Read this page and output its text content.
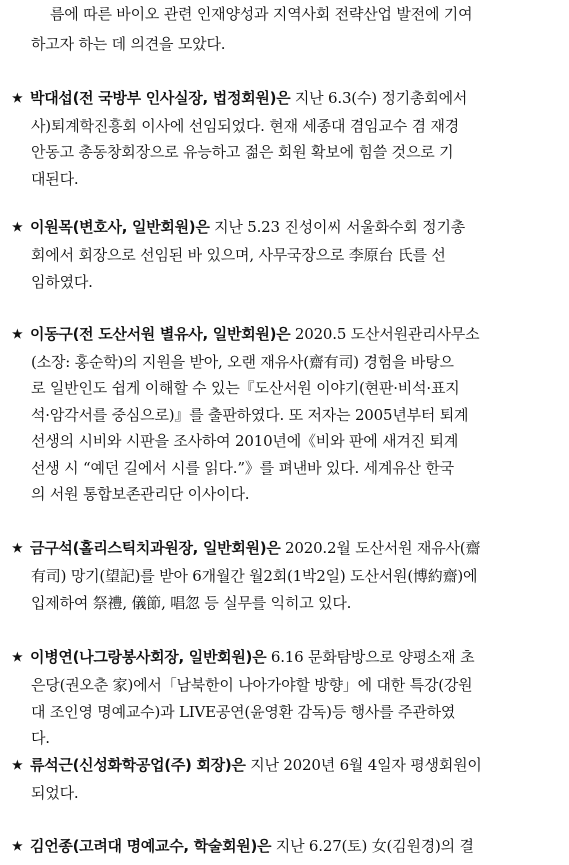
름에 따른 바이오 관련 인재양성과 지역사회 전략산업 발전에 기여
하고자 하는 데 의견을 모았다.
★ 박대섭(전 국방부 인사실장, 법정회원)은 지난 6.3(수) 정기총회에서
사)퇴계학진흥회 이사에 선임되었다. 현재 세종대 겸임교수 겸 재경
안동고 총동창회장으로 유능하고 젊은 회원 확보에 힘쓸 것으로 기
대된다.
★ 이원목(변호사, 일반회원)은 지난 5.23 진성이씨 서울화수회 정기총
회에서 회장으로 선임된 바 있으며, 사무국장으로 李原台 氏를 선
임하였다.
★ 이동구(전 도산서원 별유사, 일반회원)은 2020.5 도산서원관리사무소
(소장: 홍순학)의 지원을 받아, 오랜 재유사(齋有司) 경험을 바탕으
로 일반인도 쉽게 이해할 수 있는『도산서원 이야기(현판·비석·표지
석·암각서를 중심으로)』를 출판하였다. 또 저자는 2005년부터 퇴계
선생의 시비와 시판을 조사하여 2010년에《비와 판에 새겨진 퇴계
선생 시 “예던 길에서 시를 읽다.”》를 펴낸바 있다. 세계유산 한국
의 서원 통합보존관리단 이사이다.
★ 금구석(홀리스틱치과원장, 일반회원)은 2020.2월 도산서원 재유사(齋
有司) 망기(望記)를 받아 6개월간 월2회(1박2일) 도산서원(博約齋)에
입제하여 祭禮, 儀節, 唱忽 등 실무를 익히고 있다.
★ 이병연(나그랑봉사회장, 일반회원)은 6.16 문화탐방으로 양평소재 초
은당(권오춘 家)에서「남북한이 나아가야할 방향」에 대한 특강(강원
대 조인영 명예교수)과 LIVE공연(윤영환 감독)등 행사를 주관하였
다.
★ 류석근(신성화학공업(주) 회장)은 지난 2020년 6월 4일자 평생회원이
되었다.
★ 김언종(고려대 명예교수, 학술회원)은 지난 6.27(토) 女(김원경)의 결
